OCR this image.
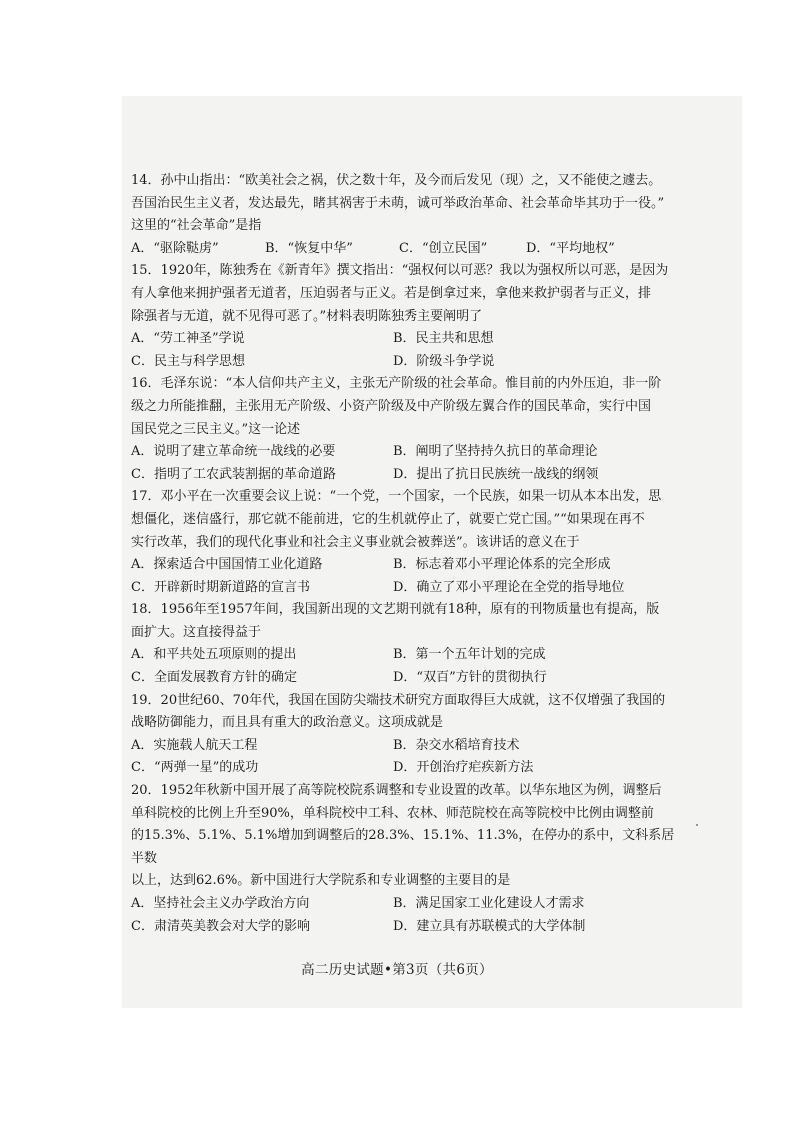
14．孙中山指出：“欧美社会之祸，伏之数十年，及今而后发见（现）之，又不能使之遽去。

吾国治民生主义者，发达最先，睹其祸害于未萌，诚可举政治革命、社会革命毕其功于一役。”

这里的“社会革命”是指

A．“驱除鞑虏”	B．“恢复中华”	C．“创立民国”	D．“平均地权”

15．1920年，陈独秀在《新青年》撰文指出：“强权何以可恶？我以为强权所以可恶，是因为

有人拿他来拥护强者无道者，压迫弱者与正义。若是倒拿过来，拿他来救护弱者与正义，排

除强者与无道，就不见得可恶了。”材料表明陈独秀主要阐明了

A．“劳工神圣”学说	B．民主共和思想
C．民主与科学思想	D．阶级斗争学说

16．毛泽东说：“本人信仰共产主义，主张无产阶级的社会革命。惟目前的内外压迫，非一阶

级之力所能推翻，主张用无产阶级、小资产阶级及中产阶级左翼合作的国民革命，实行中国

国民党之三民主义。”这一论述

A．说明了建立革命统一战线的必要	B．阐明了坚持持久抗日的革命理论
C．指明了工农武装割据的革命道路	D．提出了抗日民族统一战线的纲领

17．邓小平在一次重要会议上说：“一个党，一个国家，一个民族，如果一切从本本出发，思

想僵化，迷信盛行，那它就不能前进，它的生机就停止了，就要亡党亡国。”“如果现在再不

实行改革，我们的现代化事业和社会主义事业就会被葬送”。该讲话的意义在于

A．探索适合中国国情工业化道路	B．标志着邓小平理论体系的完全形成
C．开辟新时期新道路的宣言书	D．确立了邓小平理论在全党的指导地位

18．1956年至1957年间，我国新出现的文艺期刊就有18种，原有的刊物质量也有提高，版

面扩大。这直接得益于

A．和平共处五项原则的提出	B．第一个五年计划的完成
C．全面发展教育方针的确定	D．“双百”方针的贯彻执行

19．20世纪60、70年代，我国在国防尖端技术研究方面取得巨大成就，这不仅增强了我国的

战略防御能力，而且具有重大的政治意义。这项成就是

A．实施载人航天工程	B．杂交水稻培育技术
C．“两弹一星”的成功	D．开创治疗疟疾新方法

20．1952年秋新中国开展了高等院校院系调整和专业设置的改革。以华东地区为例，调整后

单科院校的比例上升至90%，单科院校中工科、农林、师范院校在高等院校中比例由调整前

的15.3%、5.1%、5.1%增加到调整后的28.3%、15.1%、11.3%，在停办的系中，文科系居半数

以上，达到62.6%。新中国进行大学院系和专业调整的主要目的是

A．坚持社会主义办学政治方向	B．满足国家工业化建设人才需求
C．肃清英美教会对大学的影响	D．建立具有苏联模式的大学体制
高二历史试题•第3页（共6页）
